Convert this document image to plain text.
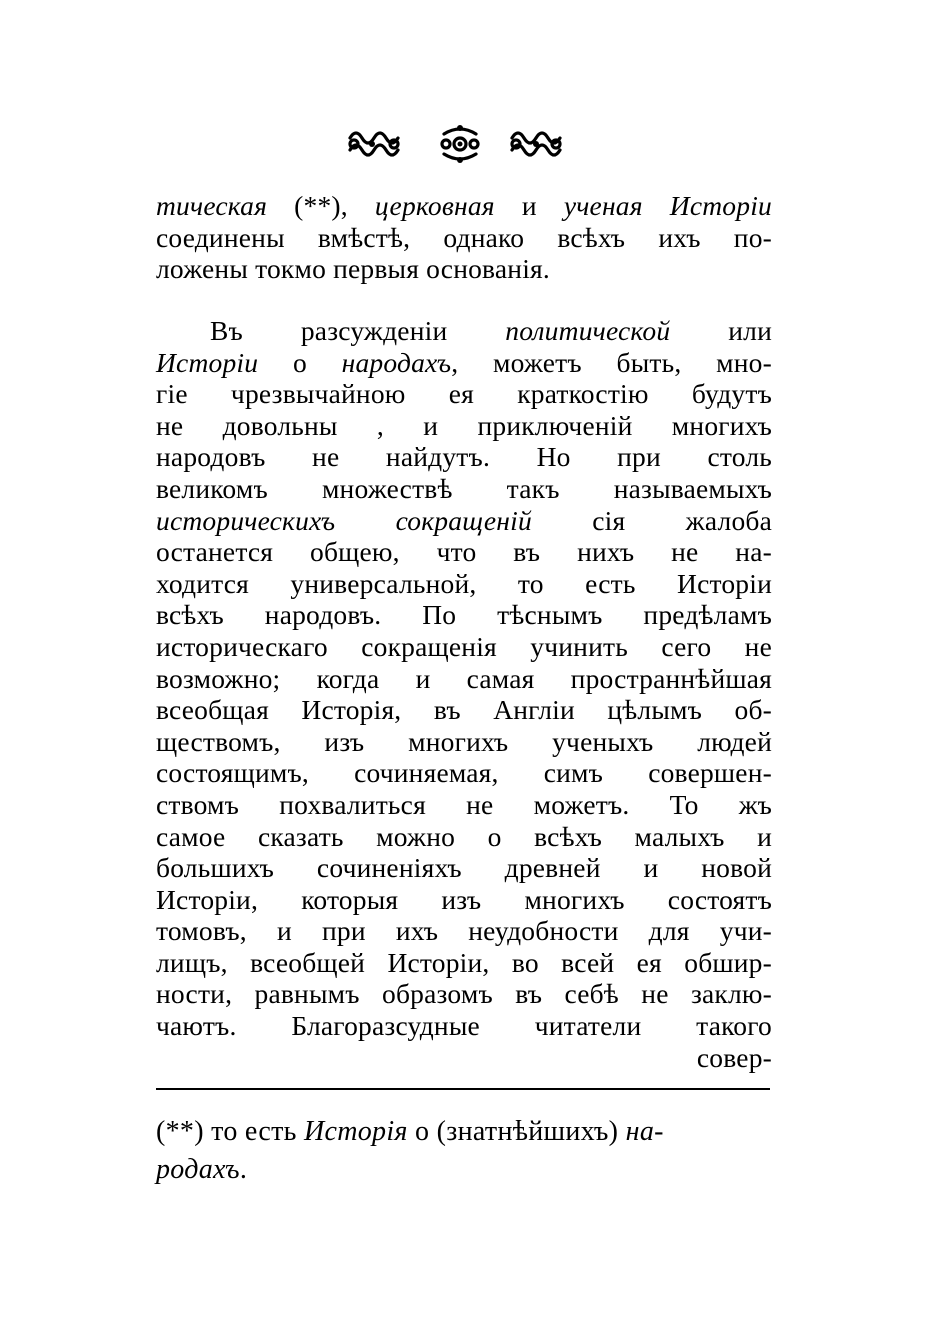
тическая (**), церковная и ученая Исторiи
соединены вмѣстѣ, однако всѣхъ ихъ по-
ложены токмо первыя основанiя.
Въ разсужденiи политической или
Исторiи о народахъ, можетъ быть, мно-
гiе чрезвычайною ея краткостiю будутъ
не довольны , и приключенiй многихъ
народовъ не найдутъ. Но при столь
великомъ множествѣ такъ называемыхъ
историческихъ сокращенiй сiя жалоба
останется общею, что въ нихъ не на-
ходится универсальной, то есть Исторiи
всѣхъ народовъ. По тѣснымъ предѣламъ
историческаго сокращенiя учинить сего не
возможно; когда и самая пространнѣйшая
всеобщая Исторiя, въ Англiи цѣлымъ об-
ществомъ, изъ многихъ ученыхъ людей
состоящимъ, сочиняемая, симъ совершен-
ствомъ похвалиться не можетъ. То жъ
самое сказать можно о всѣхъ малыхъ и
большихъ сочиненiяхъ древней и новой
Исторiи, которыя изъ многихъ состоятъ
томовъ, и при ихъ неудобности для учи-
лищъ, всеобщей Исторiи, во всей ея обшир-
ности, равнымъ образомъ въ себѣ не заклю-
чаютъ. Благоразсудные читатели такого
совер-
(**) то есть Исторiя о (знатнѣйшихъ) на-
родахъ.
